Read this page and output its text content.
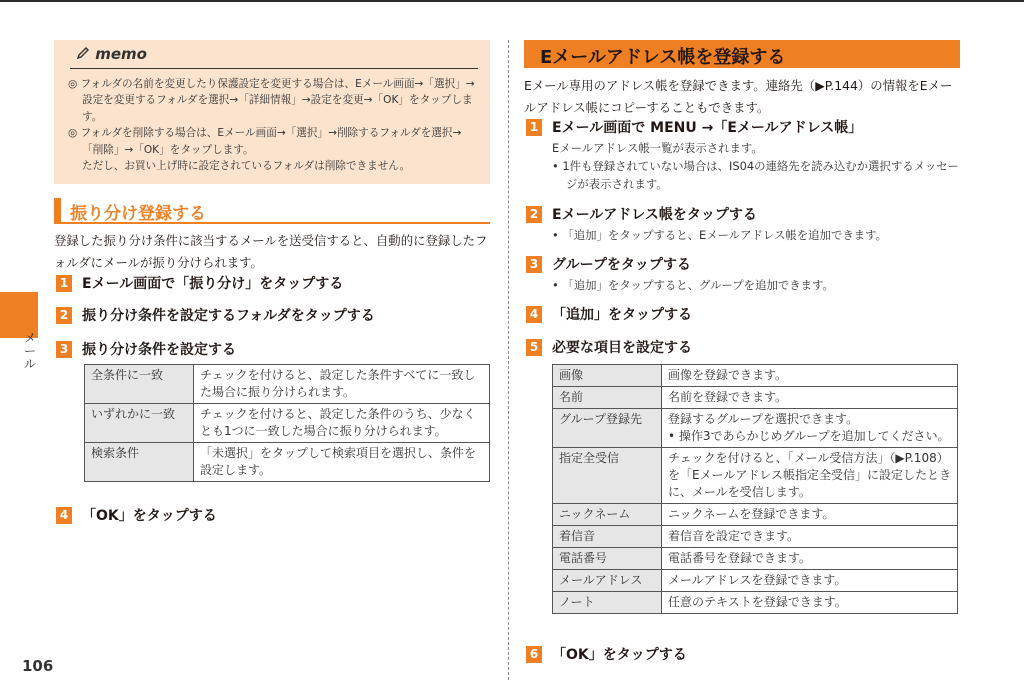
メール
106
memo

◎ フォルダの名前を変更したり保護設定を変更する場合は、Eメール画面→「選択」→設定を変更するフォルダを選択→「詳細情報」→設定を変更→「OK」をタップします。

◎ フォルダを削除する場合は、Eメール画面→「選択」→削除するフォルダを選択→「削除」→「OK」をタップします。
ただし、お買い上げ時に設定されているフォルダは削除できません。

振り分け登録する
登録した振り分け条件に該当するメールを送受信すると、自動的に登録したフォルダにメールが振り分けられます。
1 Eメール画面で「振り分け」をタップする
2 振り分け条件を設定するフォルダをタップする
3 振り分け条件を設定する
全条件に一致	チェックを付けると、設定した条件すべてに一致した場合に振り分けられます。
いずれかに一致	チェックを付けると、設定した条件のうち、少なくとも1つに一致した場合に振り分けられます。
検索条件	「未選択」をタップして検索項目を選択し、条件を設定します。
4 「OK」をタップする
Eメールアドレス帳を登録する
Eメール専用のアドレス帳を登録できます。連絡先（▶P.144）の情報をEメールアドレス帳にコピーすることもできます。
1 Eメール画面で MENU →「Eメールアドレス帳」
Eメールアドレス帳一覧が表示されます。
• 1件も登録されていない場合は、IS04の連絡先を読み込むか選択するメッセージが表示されます。
2 Eメールアドレス帳をタップする
• 「追加」をタップすると、Eメールアドレス帳を追加できます。
3 グループをタップする
• 「追加」をタップすると、グループを追加できます。
4 「追加」をタップする
5 必要な項目を設定する
画像	画像を登録できます。
名前	名前を登録できます。
グループ登録先	登録するグループを選択できます。
• 操作3であらかじめグループを追加してください。
指定全受信	チェックを付けると、「メール受信方法」（▶P.108）を「Eメールアドレス帳指定全受信」に設定したときに、メールを受信します。
ニックネーム	ニックネームを登録できます。
着信音	着信音を設定できます。
電話番号	電話番号を登録できます。
メールアドレス	メールアドレスを登録できます。
ノート	任意のテキストを登録できます。
6 「OK」をタップする
